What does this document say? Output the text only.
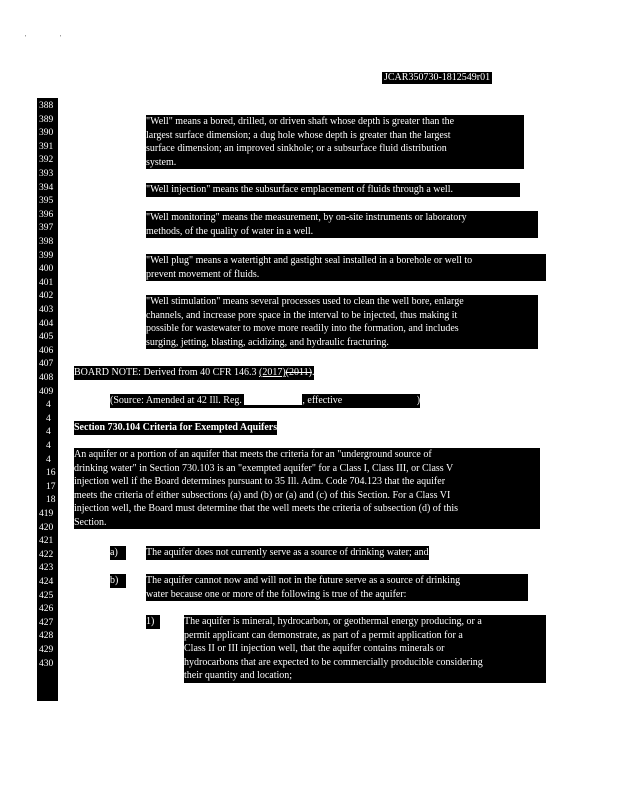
'	'
JCAR350730-1812549r01
388
389
390
391
392
393
394
395
396
397
398
399
400
401
402
403
404
405
406
407
408
409
4
4
4
4
4
16
17
18
419
420
421
422
423
424
425
426
427
428
429
430

"Well" means a bored, drilled, or driven shaft whose depth is greater than the

largest surface dimension; a dug hole whose depth is greater than the largest

surface dimension; an improved sinkhole; or a subsurface fluid distribution

system.

"Well injection" means the subsurface emplacement of fluids through a well.

"Well monitoring" means the measurement, by on-site instruments or laboratory

methods, of the quality of water in a well.

"Well plug" means a watertight and gastight seal installed in a borehole or well to

prevent movement of fluids.

"Well stimulation" means several processes used to clean the well bore, enlarge

channels, and increase pore space in the interval to be injected, thus making it

possible for wastewater to move more readily into the formation, and includes

surging, jetting, blasting, acidizing, and hydraulic fracturing.

BOARD NOTE: Derived from 40 CFR 146.3 (2017)(2011).

(Source: Amended at 42 Ill. Reg.	, effective	)

Section 730.104 Criteria for Exempted Aquifers

An aquifer or a portion of an aquifer that meets the criteria for an "underground source of

drinking water" in Section 730.103 is an "exempted aquifer" for a Class I, Class III, or Class V

injection well if the Board determines pursuant to 35 Ill. Adm. Code 704.123 that the aquifer

meets the criteria of either subsections (a) and (b) or (a) and (c) of this Section. For a Class VI

injection well, the Board must determine that the well meets the criteria of subsection (d) of this

Section.

a)	The aquifer does not currently serve as a source of drinking water; and

b)	The aquifer cannot now and will not in the future serve as a source of drinking

water because one or more of the following is true of the aquifer:

1)	The aquifer is mineral, hydrocarbon, or geothermal energy producing, or a

permit applicant can demonstrate, as part of a permit application for a

Class II or III injection well, that the aquifer contains minerals or

hydrocarbons that are expected to be commercially producible considering

their quantity and location;
